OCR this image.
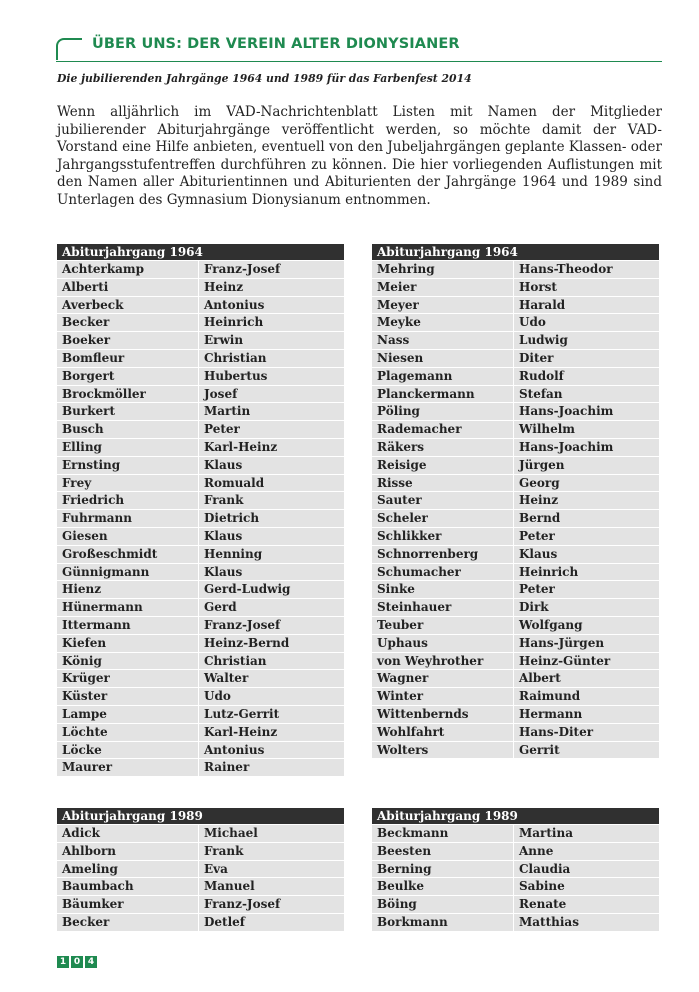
ÜBER UNS: DER VEREIN ALTER DIONYSIANER
Die jubilierenden Jahrgänge 1964 und 1989 für das Farbenfest 2014

Wenn alljährlich im VAD-Nachrichtenblatt Listen mit Namen der Mitglieder jubilierender Abiturjahrgänge veröffentlicht werden, so möchte damit der VAD-Vorstand eine Hilfe anbieten, eventuell von den Jubeljahrgängen geplante Klassen- oder Jahrgangsstufentreffen durchführen zu können. Die hier vorliegenden Auflistungen mit den Namen aller Abiturientinnen und Abiturienten der Jahrgänge 1964 und 1989 sind Unterlagen des Gymnasium Dionysianum entnommen.

Abiturjahrgang 1964
Achterkamp	Franz-Josef
Alberti	Heinz
Averbeck	Antonius
Becker	Heinrich
Boeker	Erwin
Bomfleur	Christian
Borgert	Hubertus
Brockmöller	Josef
Burkert	Martin
Busch	Peter
Elling	Karl-Heinz
Ernsting	Klaus
Frey	Romuald
Friedrich	Frank
Fuhrmann	Dietrich
Giesen	Klaus
Großeschmidt	Henning
Günnigmann	Klaus
Hienz	Gerd-Ludwig
Hünermann	Gerd
Ittermann	Franz-Josef
Kiefen	Heinz-Bernd
König	Christian
Krüger	Walter
Küster	Udo
Lampe	Lutz-Gerrit
Löchte	Karl-Heinz
Löcke	Antonius
Maurer	Rainer
Abiturjahrgang 1964
Mehring	Hans-Theodor
Meier	Horst
Meyer	Harald
Meyke	Udo
Nass	Ludwig
Niesen	Diter
Plagemann	Rudolf
Planckermann	Stefan
Pöling	Hans-Joachim
Rademacher	Wilhelm
Räkers	Hans-Joachim
Reisige	Jürgen
Risse	Georg
Sauter	Heinz
Scheler	Bernd
Schlikker	Peter
Schnorrenberg	Klaus
Schumacher	Heinrich
Sinke	Peter
Steinhauer	Dirk
Teuber	Wolfgang
Uphaus	Hans-Jürgen
von Weyhrother	Heinz-Günter
Wagner	Albert
Winter	Raimund
Wittenbernds	Hermann
Wohlfahrt	Hans-Diter
Wolters	Gerrit
Abiturjahrgang 1989
Adick	Michael
Ahlborn	Frank
Ameling	Eva
Baumbach	Manuel
Bäumker	Franz-Josef
Becker	Detlef
Abiturjahrgang 1989
Beckmann	Martina
Beesten	Anne
Berning	Claudia
Beulke	Sabine
Böing	Renate
Borkmann	Matthias
1 0 4
